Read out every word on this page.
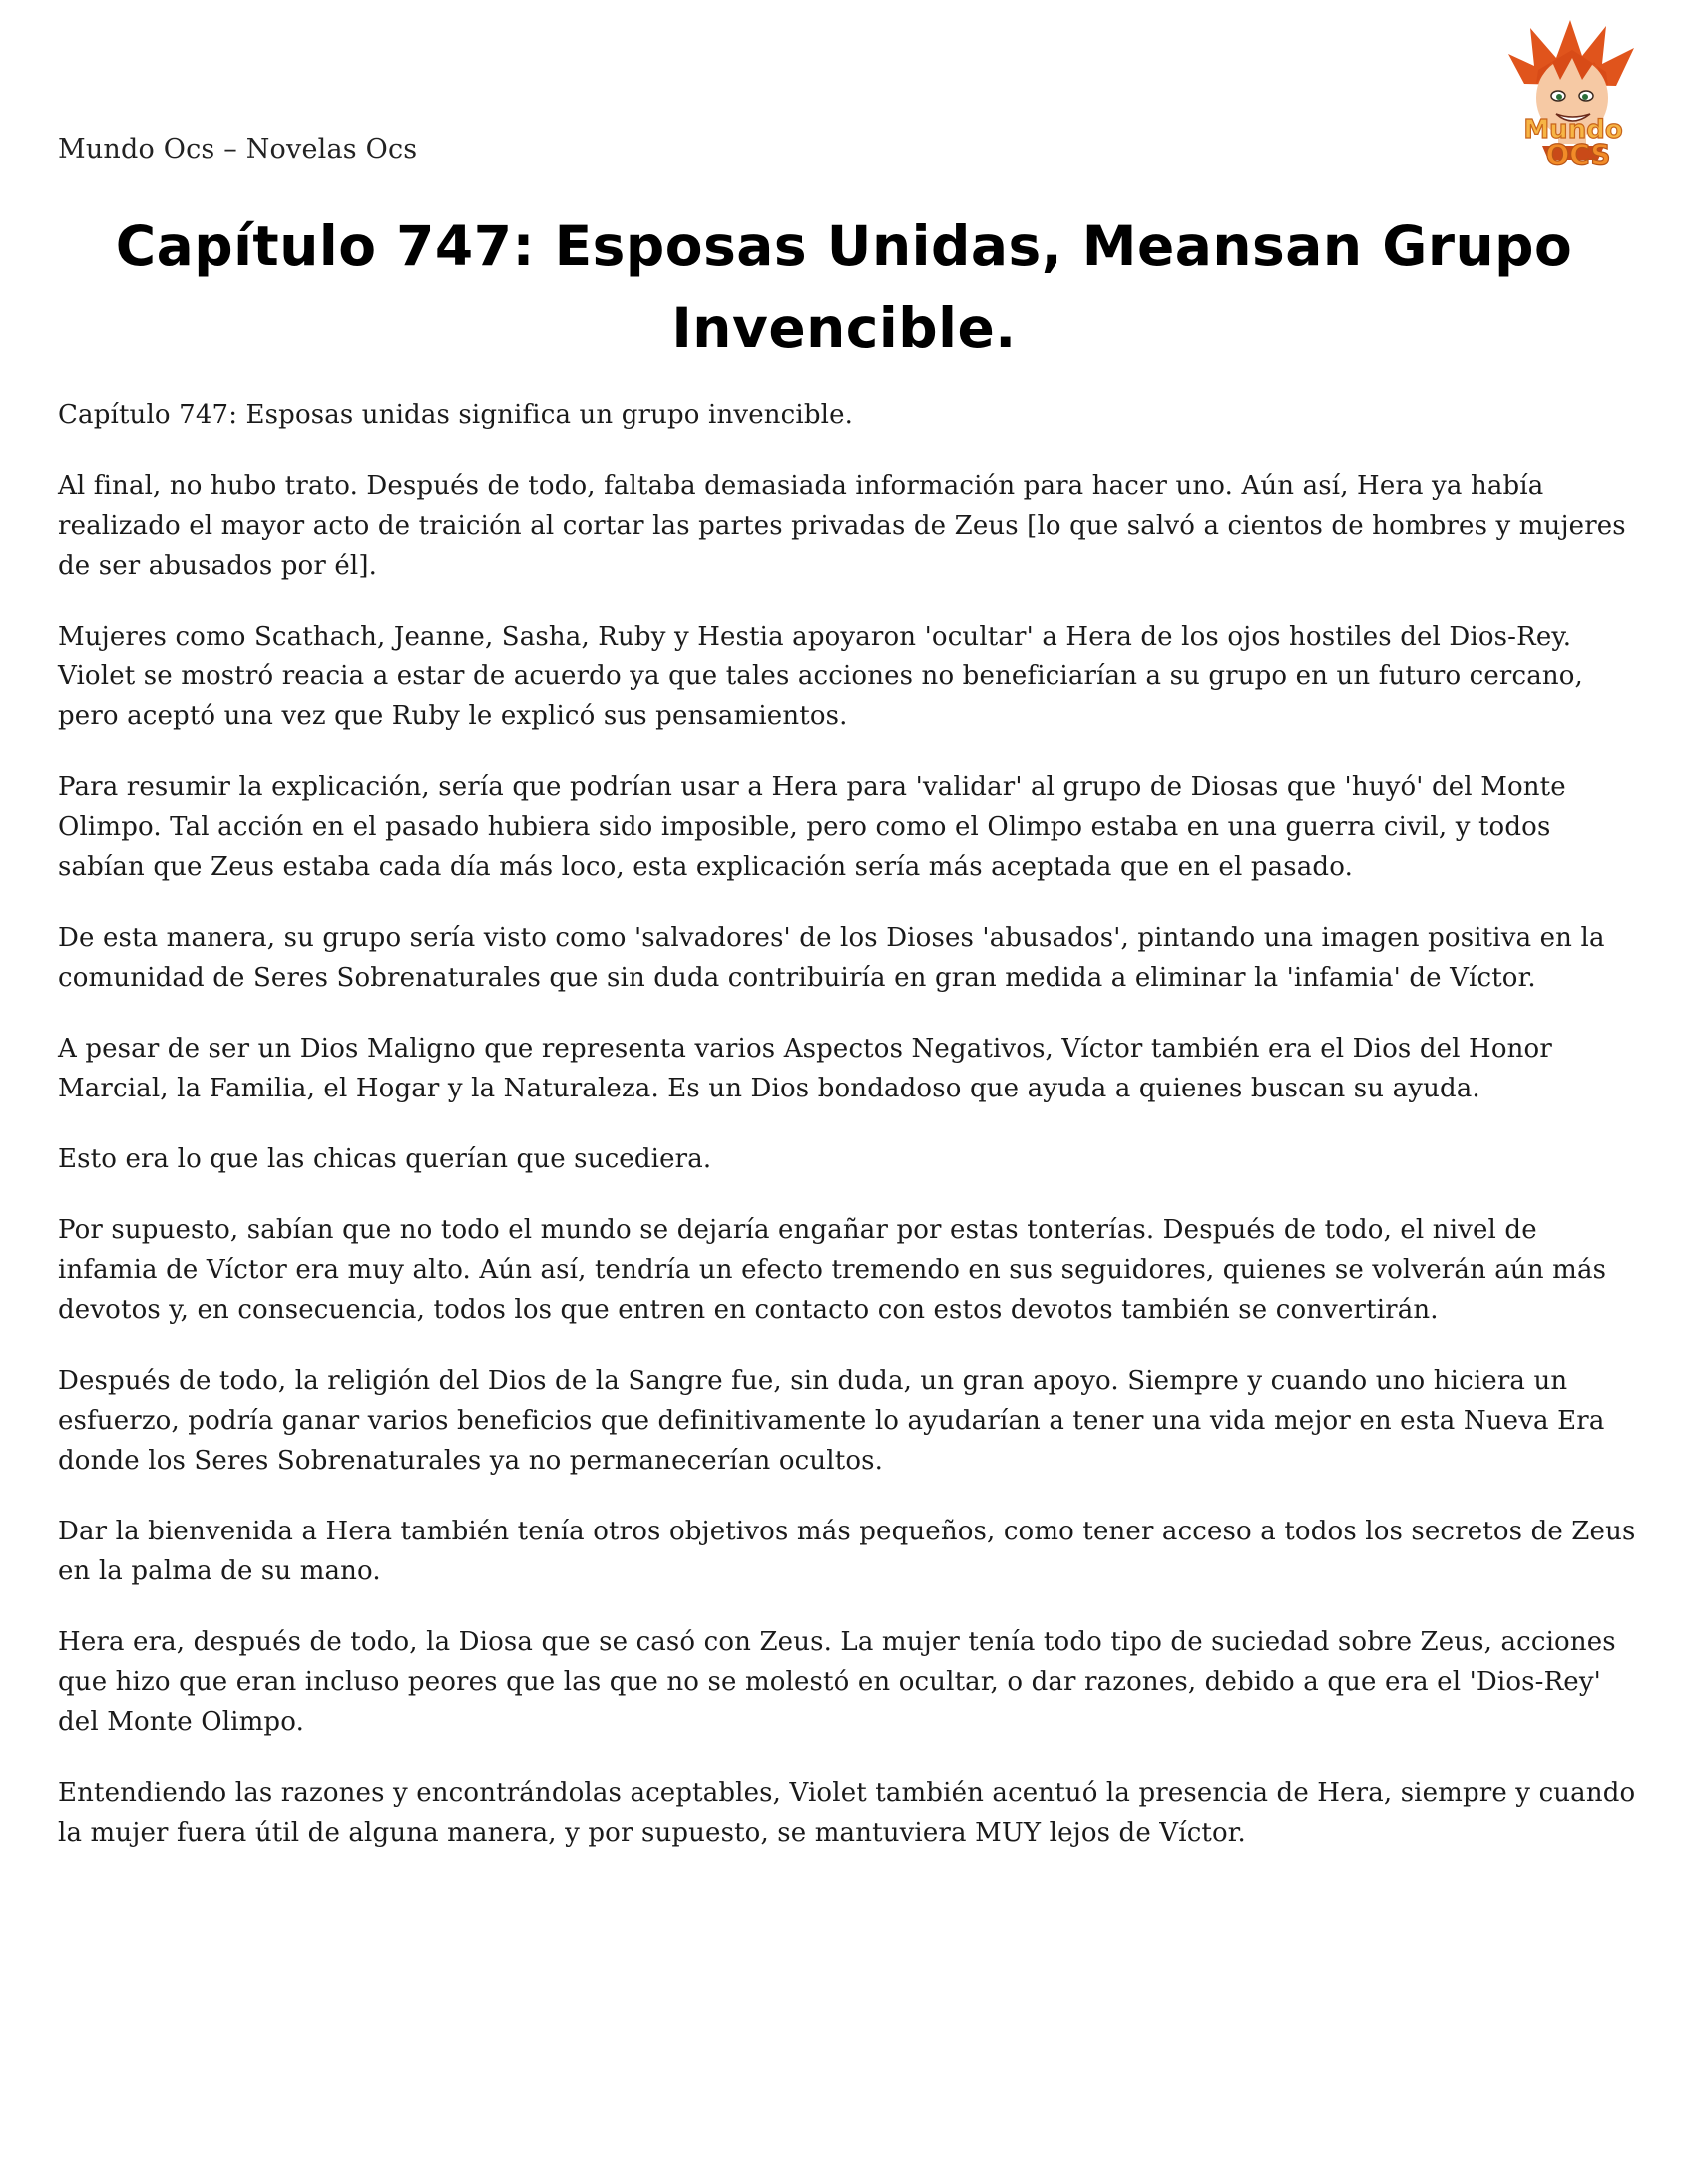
Mundo Ocs – Novelas Ocs
Mundo
OCS
Capítulo 747: Esposas Unidas, Meansan Grupo Invencible.

Capítulo 747: Esposas unidas significa un grupo invencible.

Al final, no hubo trato. Después de todo, faltaba demasiada información para hacer uno. Aún así, Hera ya había realizado el mayor acto de traición al cortar las partes privadas de Zeus [lo que salvó a cientos de hombres y mujeres de ser abusados por él].

Mujeres como Scathach, Jeanne, Sasha, Ruby y Hestia apoyaron 'ocultar' a Hera de los ojos hostiles del Dios-Rey. Violet se mostró reacia a estar de acuerdo ya que tales acciones no beneficiarían a su grupo en un futuro cercano, pero aceptó una vez que Ruby le explicó sus pensamientos.

Para resumir la explicación, sería que podrían usar a Hera para 'validar' al grupo de Diosas que 'huyó' del Monte Olimpo. Tal acción en el pasado hubiera sido imposible, pero como el Olimpo estaba en una guerra civil, y todos sabían que Zeus estaba cada día más loco, esta explicación sería más aceptada que en el pasado.

De esta manera, su grupo sería visto como 'salvadores' de los Dioses 'abusados', pintando una imagen positiva en la comunidad de Seres Sobrenaturales que sin duda contribuiría en gran medida a eliminar la 'infamia' de Víctor.

A pesar de ser un Dios Maligno que representa varios Aspectos Negativos, Víctor también era el Dios del Honor Marcial, la Familia, el Hogar y la Naturaleza. Es un Dios bondadoso que ayuda a quienes buscan su ayuda.

Esto era lo que las chicas querían que sucediera.

Por supuesto, sabían que no todo el mundo se dejaría engañar por estas tonterías. Después de todo, el nivel de infamia de Víctor era muy alto. Aún así, tendría un efecto tremendo en sus seguidores, quienes se volverán aún más devotos y, en consecuencia, todos los que entren en contacto con estos devotos también se convertirán.

Después de todo, la religión del Dios de la Sangre fue, sin duda, un gran apoyo. Siempre y cuando uno hiciera un esfuerzo, podría ganar varios beneficios que definitivamente lo ayudarían a tener una vida mejor en esta Nueva Era donde los Seres Sobrenaturales ya no permanecerían ocultos.

Dar la bienvenida a Hera también tenía otros objetivos más pequeños, como tener acceso a todos los secretos de Zeus en la palma de su mano.

Hera era, después de todo, la Diosa que se casó con Zeus. La mujer tenía todo tipo de suciedad sobre Zeus, acciones que hizo que eran incluso peores que las que no se molestó en ocultar, o dar razones, debido a que era el 'Dios-Rey' del Monte Olimpo.

Entendiendo las razones y encontrándolas aceptables, Violet también acentuó la presencia de Hera, siempre y cuando la mujer fuera útil de alguna manera, y por supuesto, se mantuviera MUY lejos de Víctor.
